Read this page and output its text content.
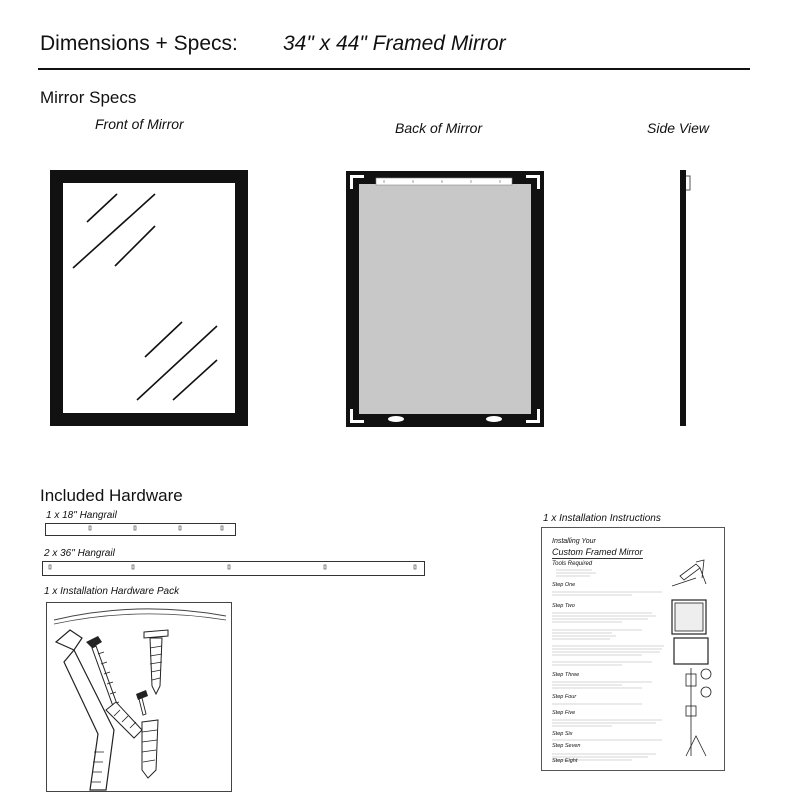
Dimensions + Specs: 34" x 44" Framed Mirror
Mirror Specs
Front of Mirror	Back of Mirror	Side View
Included Hardware
1 x 18" Hangrail
2 x 36" Hangrail
1 x Installation Hardware Pack
1 x Installation Instructions
Installing Your
Custom Framed Mirror
Tools Required
Step One
Step Two
Step Three
Step Four
Step Five
Step Six
Step Seven
Step Eight
